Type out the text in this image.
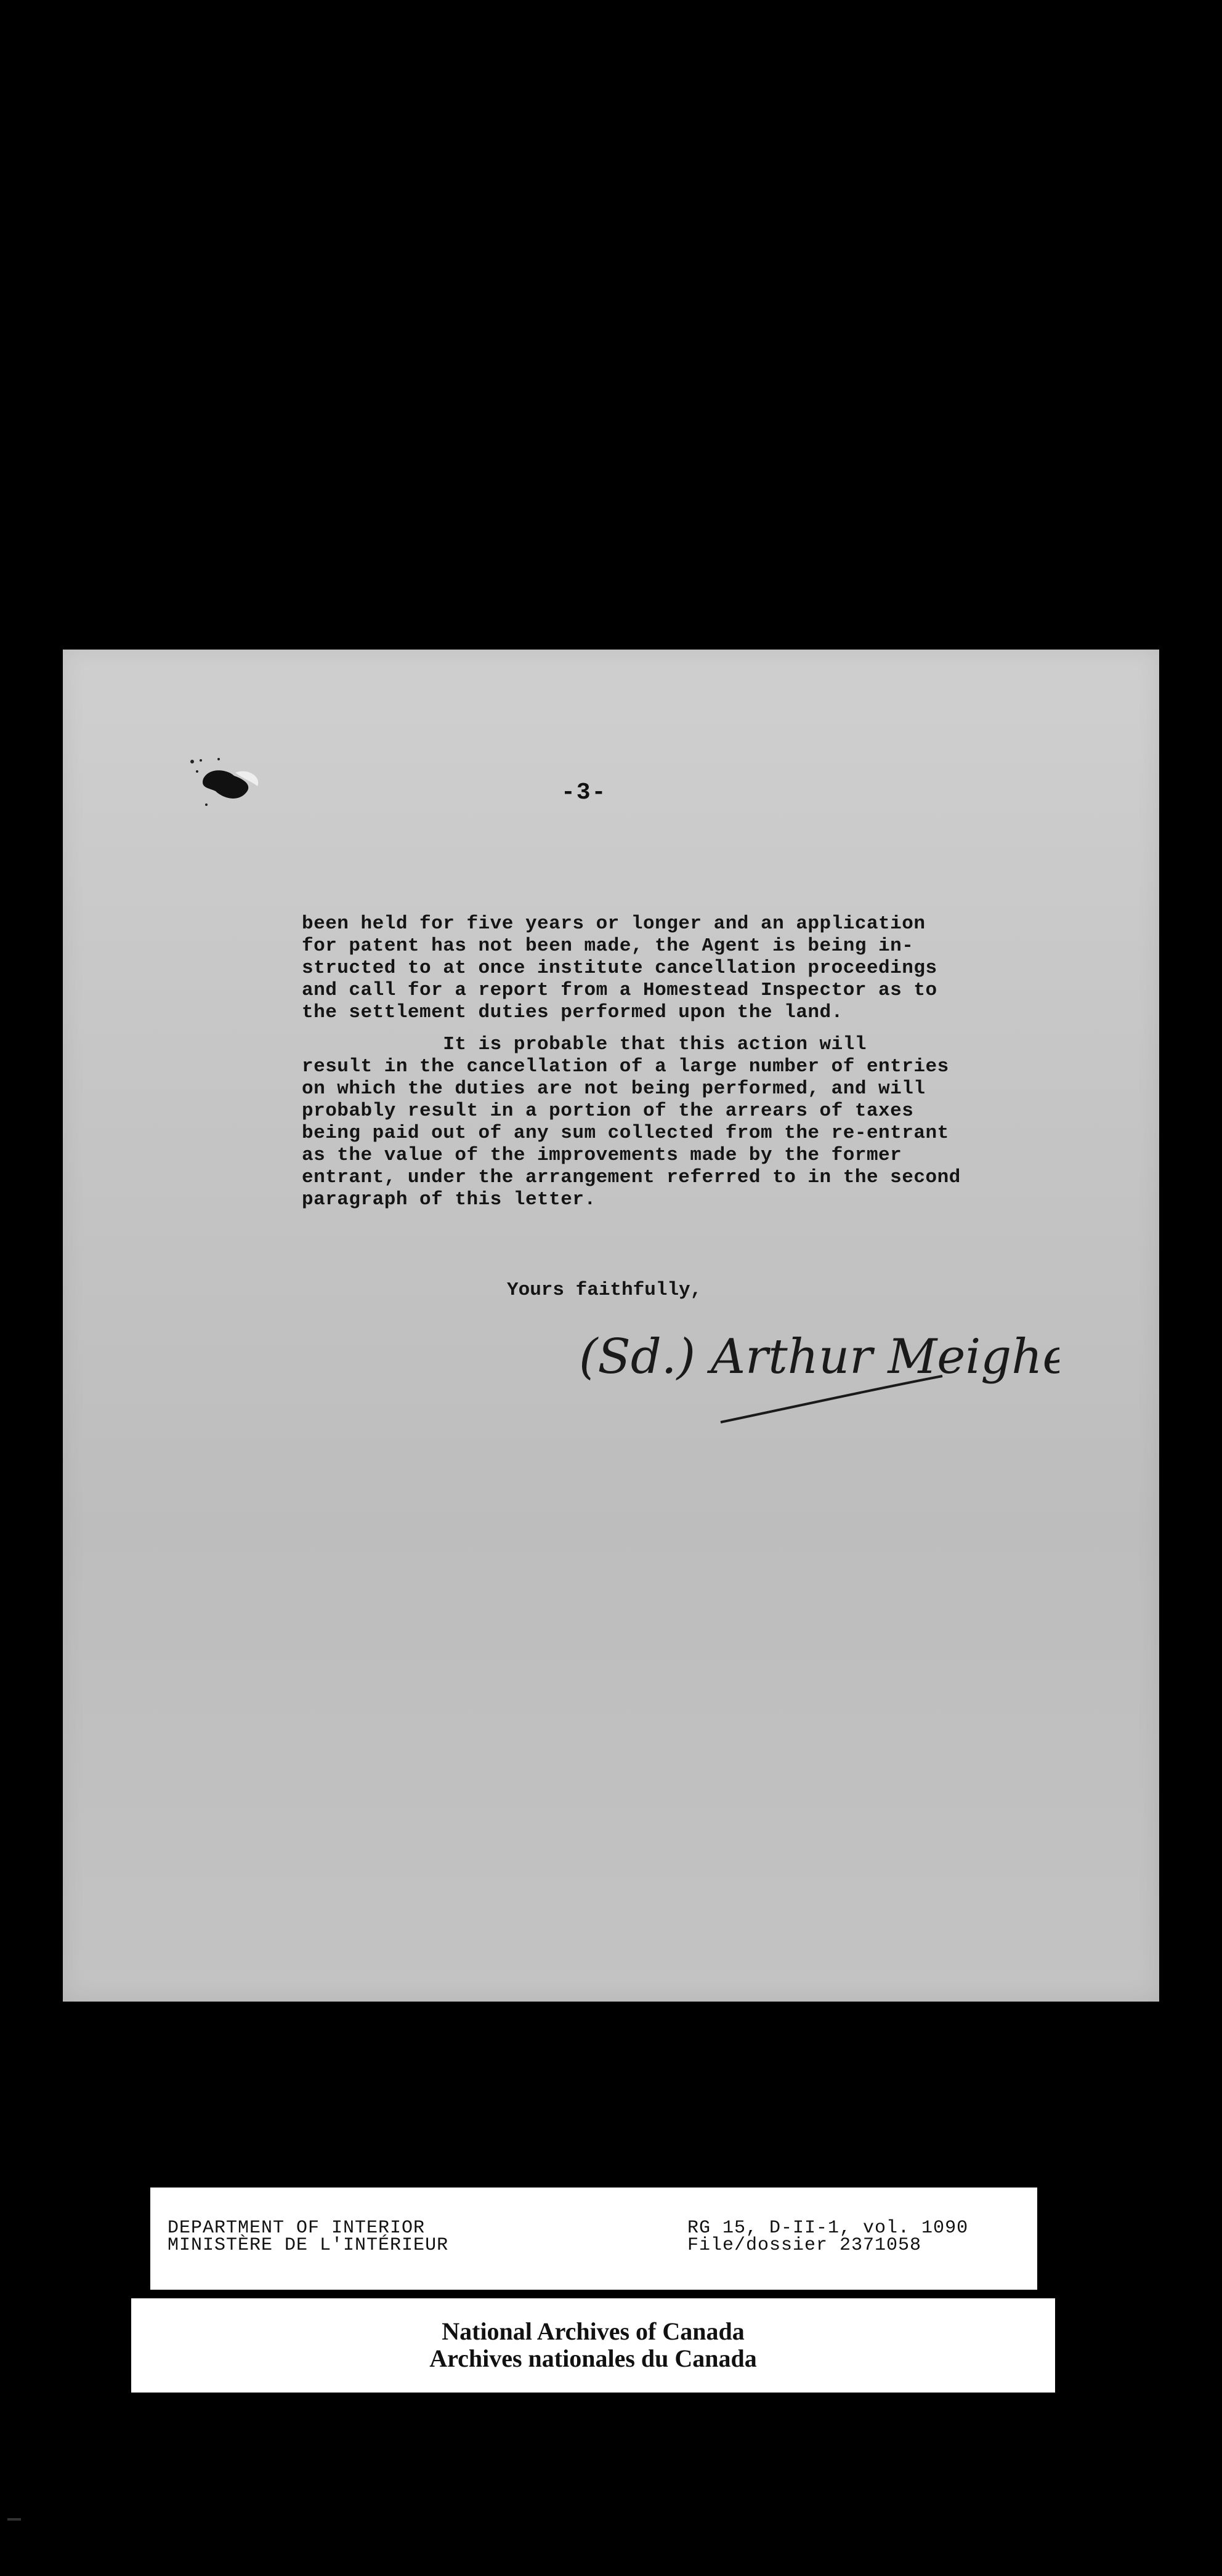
-3-
been held for five years or longer and an application
for patent has not been made, the Agent is being in-
structed to at once institute cancellation proceedings
and call for a report from a Homestead Inspector as to
the settlement duties performed upon the land.
It is probable that this action will
result in the cancellation of a large number of entries
on which the duties are not being performed, and will
probably result in a portion of the arrears of taxes
being paid out of any sum collected from the re-entrant
as the value of the improvements made by the former
entrant, under the arrangement referred to in the second
paragraph of this letter.
Yours faithfully,
(Sd.) Arthur Meighen
DEPARTMENT OF INTERIOR
MINISTÈRE DE L'INTÉRIEUR
RG 15, D-II-1, vol. 1090
File/dossier 2371058
National Archives of Canada
Archives nationales du Canada
